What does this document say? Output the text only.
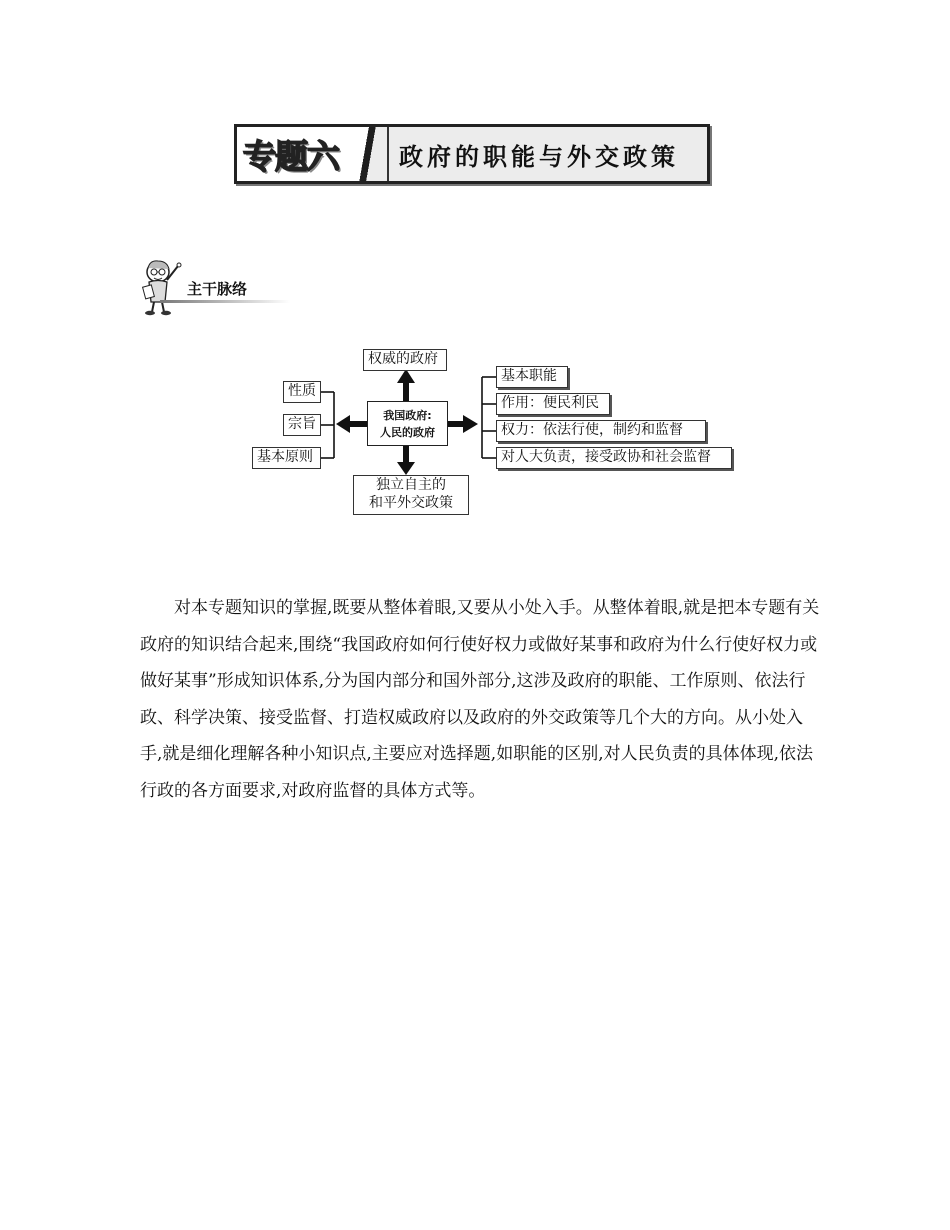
专题六	政府的职能与外交政策
主干脉络
我国政府:
人民的政府
权威的政府
独立自主的
和平外交政策
性质
宗旨
基本原则
基本职能
作用：便民利民
权力：依法行使，制约和监督
对人大负责，接受政协和社会监督

对本专题知识的掌握,既要从整体着眼,又要从小处入手。从整体着眼,就是把本专题有关政府的知识结合起来,围绕“我国政府如何行使好权力或做好某事和政府为什么行使好权力或做好某事”形成知识体系,分为国内部分和国外部分,这涉及政府的职能、工作原则、依法行政、科学决策、接受监督、打造权威政府以及政府的外交政策等几个大的方向。从小处入手,就是细化理解各种小知识点,主要应对选择题,如职能的区别,对人民负责的具体体现,依法行政的各方面要求,对政府监督的具体方式等。
